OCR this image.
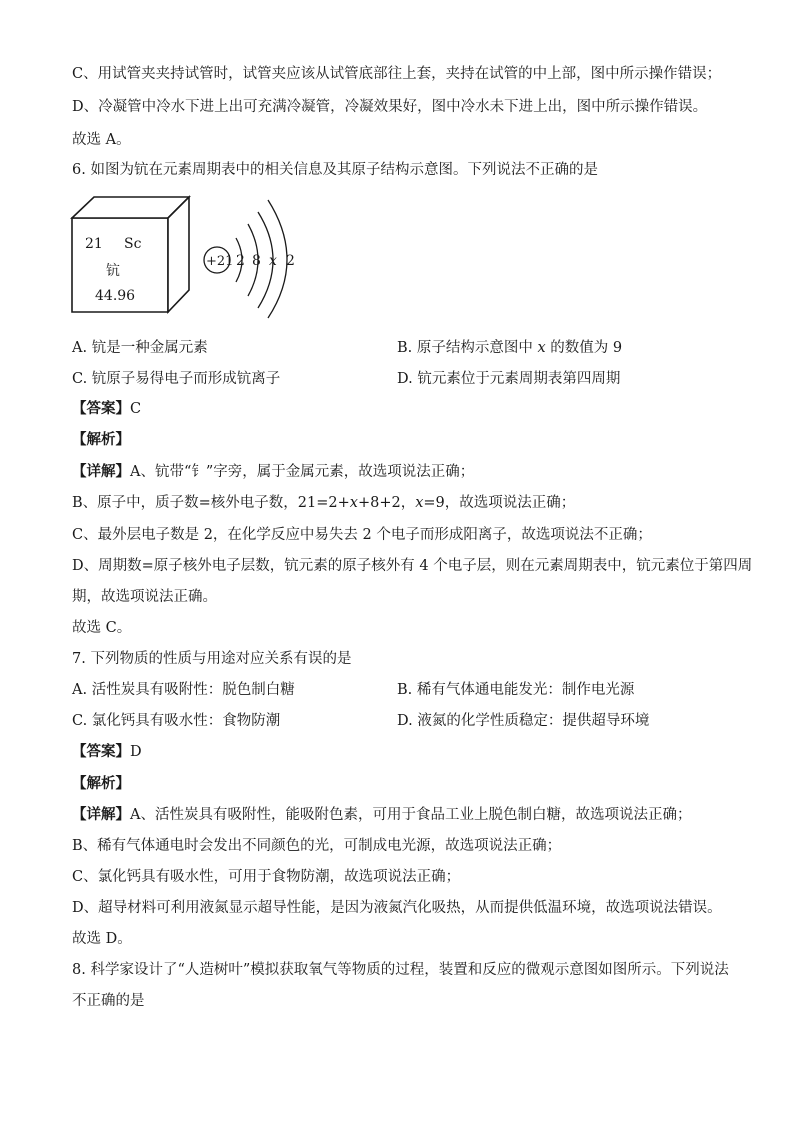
C、用试管夹夹持试管时，试管夹应该从试管底部往上套，夹持在试管的中上部，图中所示操作错误；
D、冷凝管中冷水下进上出可充满冷凝管，冷凝效果好，图中冷水未下进上出，图中所示操作错误。
故选 A。
6. 如图为钪在元素周期表中的相关信息及其原子结构示意图。下列说法不正确的是
21 Sc
钪
44.96
+21 2 8 x 2
A. 钪是一种金属元素	B. 原子结构示意图中 x 的数值为 9
C. 钪原子易得电子而形成钪离子	D. 钪元素位于元素周期表第四周期
【答案】C
【解析】
【详解】A、钪带“钅”字旁，属于金属元素，故选项说法正确；
B、原子中，质子数=核外电子数，21=2+x+8+2，x=9，故选项说法正确；
C、最外层电子数是 2，在化学反应中易失去 2 个电子而形成阳离子，故选项说法不正确；
D、周期数=原子核外电子层数，钪元素的原子核外有 4 个电子层，则在元素周期表中，钪元素位于第四周
期，故选项说法正确。
故选 C。
7. 下列物质的性质与用途对应关系有误的是
A. 活性炭具有吸附性：脱色制白糖	B. 稀有气体通电能发光：制作电光源
C. 氯化钙具有吸水性：食物防潮	D. 液氮的化学性质稳定：提供超导环境
【答案】D
【解析】
【详解】A、活性炭具有吸附性，能吸附色素，可用于食品工业上脱色制白糖，故选项说法正确；
B、稀有气体通电时会发出不同颜色的光，可制成电光源，故选项说法正确；
C、氯化钙具有吸水性，可用于食物防潮，故选项说法正确；
D、超导材料可利用液氮显示超导性能，是因为液氮汽化吸热，从而提供低温环境，故选项说法错误。
故选 D。
8. 科学家设计了“人造树叶”模拟获取氧气等物质的过程，装置和反应的微观示意图如图所示。下列说法
不正确的是
